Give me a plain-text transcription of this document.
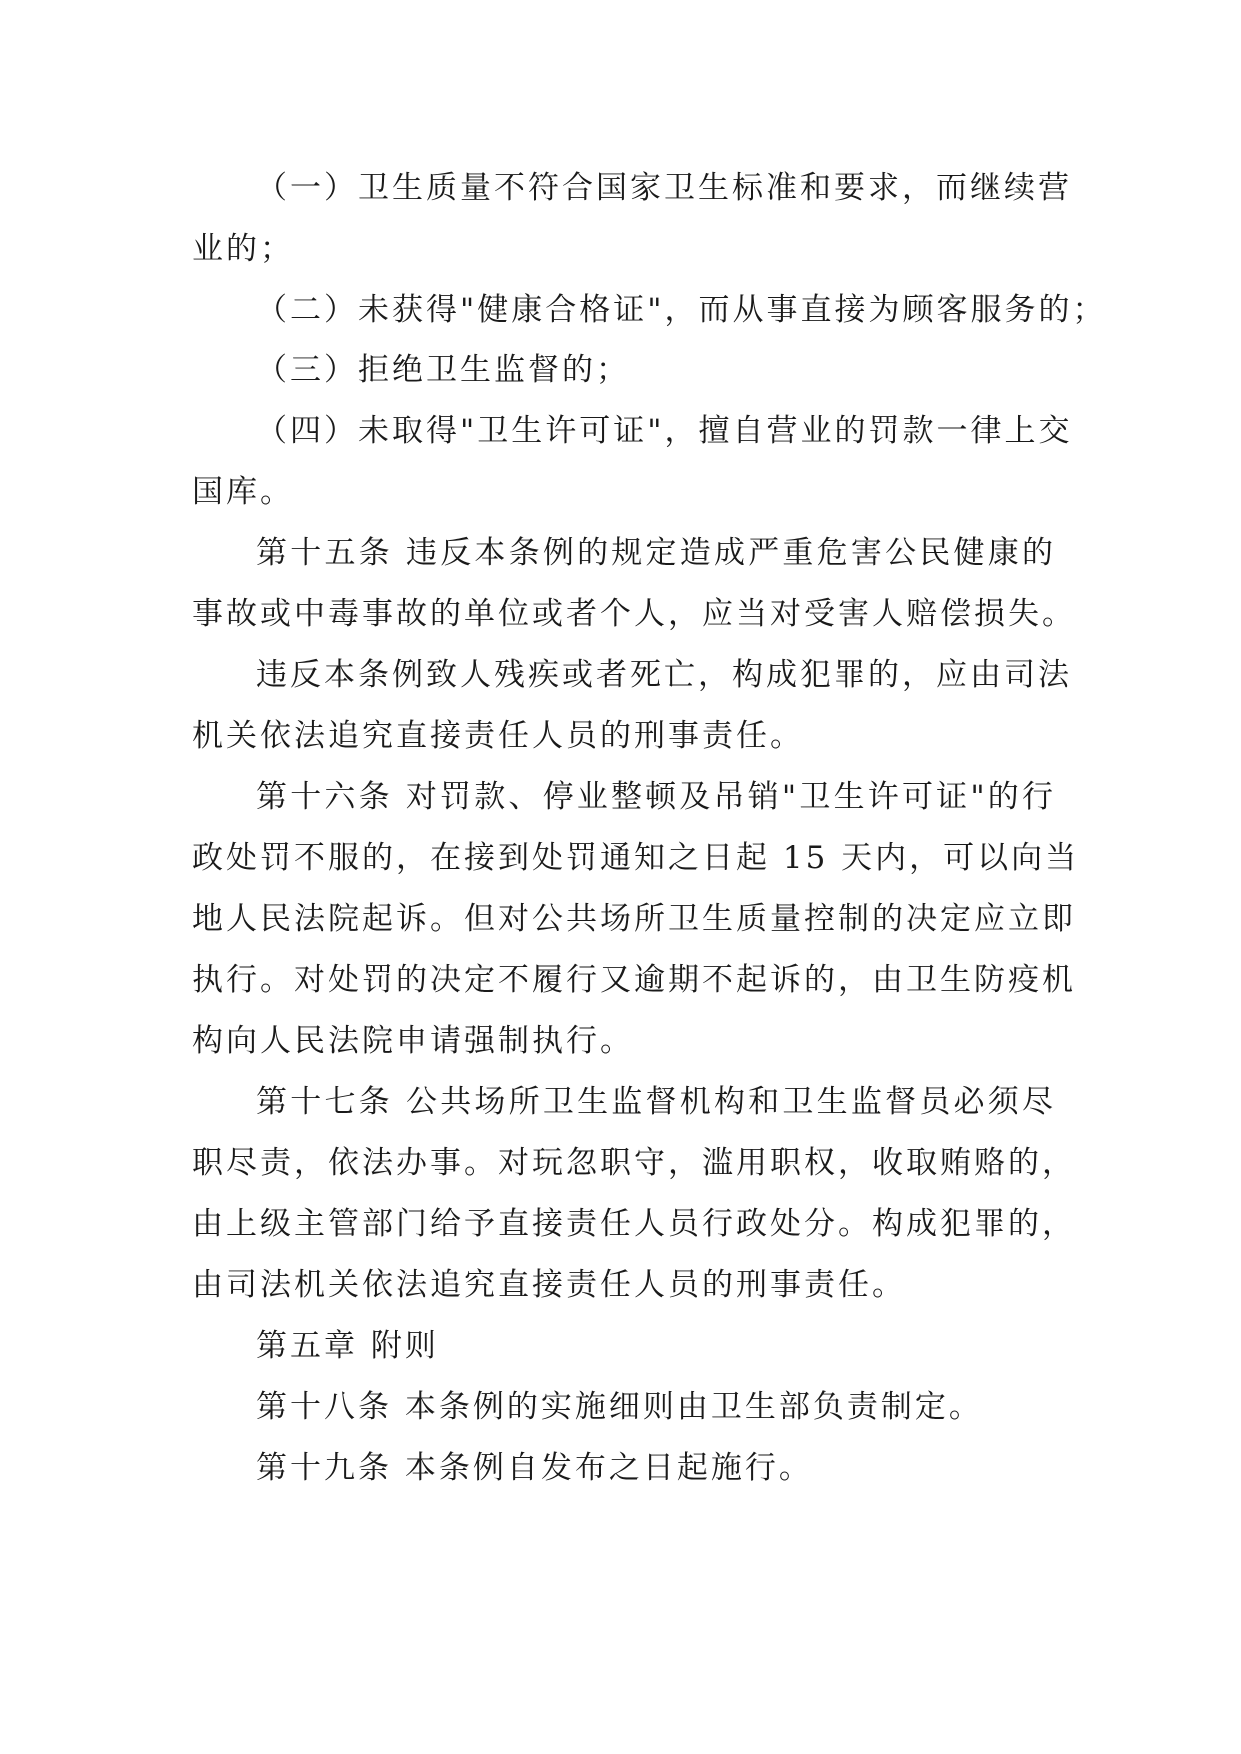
（一）卫生质量不符合国家卫生标准和要求，而继续营
业的；
（二）未获得"健康合格证"，而从事直接为顾客服务的；
（三）拒绝卫生监督的；
（四）未取得"卫生许可证"，擅自营业的罚款一律上交
国库。
第十五条 违反本条例的规定造成严重危害公民健康的
事故或中毒事故的单位或者个人，应当对受害人赔偿损失。
违反本条例致人残疾或者死亡，构成犯罪的，应由司法
机关依法追究直接责任人员的刑事责任。
第十六条 对罚款、停业整顿及吊销"卫生许可证"的行
政处罚不服的，在接到处罚通知之日起 15 天内，可以向当
地人民法院起诉。但对公共场所卫生质量控制的决定应立即
执行。对处罚的决定不履行又逾期不起诉的，由卫生防疫机
构向人民法院申请强制执行。
第十七条 公共场所卫生监督机构和卫生监督员必须尽
职尽责，依法办事。对玩忽职守，滥用职权，收取贿赂的，
由上级主管部门给予直接责任人员行政处分。构成犯罪的，
由司法机关依法追究直接责任人员的刑事责任。
第五章 附则
第十八条 本条例的实施细则由卫生部负责制定。
第十九条 本条例自发布之日起施行。
